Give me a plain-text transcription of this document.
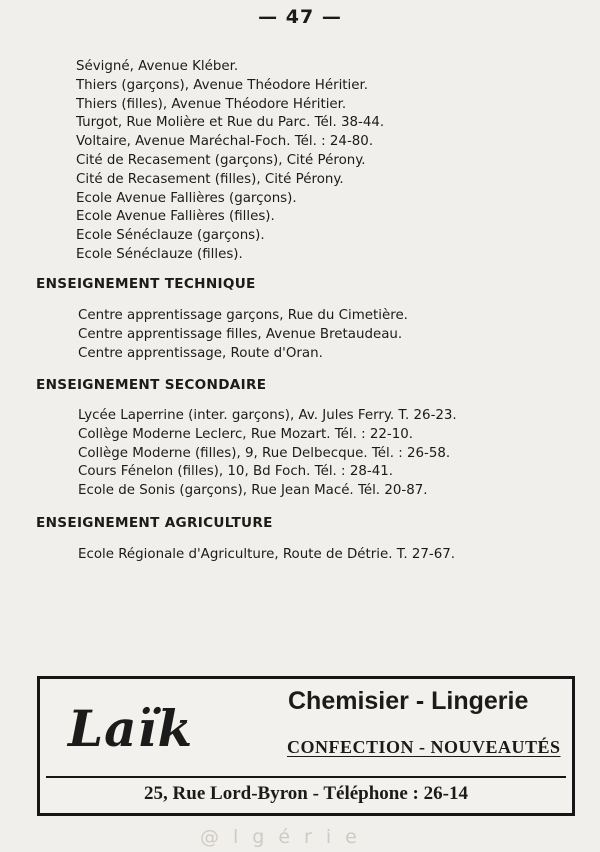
— 47 —
Sévigné, Avenue Kléber.
Thiers (garçons), Avenue Théodore Héritier.
Thiers (filles), Avenue Théodore Héritier.
Turgot, Rue Molière et Rue du Parc. Tél. 38-44.
Voltaire, Avenue Maréchal-Foch. Tél. : 24-80.
Cité de Recasement (garçons), Cité Pérony.
Cité de Recasement (filles), Cité Pérony.
Ecole Avenue Fallières (garçons).
Ecole Avenue Fallières (filles).
Ecole Sénéclauze (garçons).
Ecole Sénéclauze (filles).
ENSEIGNEMENT TECHNIQUE
Centre apprentissage garçons, Rue du Cimetière.
Centre apprentissage filles, Avenue Bretaudeau.
Centre apprentissage, Route d'Oran.
ENSEIGNEMENT SECONDAIRE
Lycée Laperrine (inter. garçons), Av. Jules Ferry. T. 26-23.
Collège Moderne Leclerc, Rue Mozart. Tél. : 22-10.
Collège Moderne (filles), 9, Rue Delbecque. Tél. : 26-58.
Cours Fénelon (filles), 10, Bd Foch. Tél. : 28-41.
Ecole de Sonis (garçons), Rue Jean Macé. Tél. 20-87.
ENSEIGNEMENT AGRICULTURE
Ecole Régionale d'Agriculture, Route de Détrie. T. 27-67.
Laïk	Chemisier - Lingerie
CONFECTION - NOUVEAUTÉS
25, Rue Lord-Byron - Téléphone : 26-14
@lgérie
